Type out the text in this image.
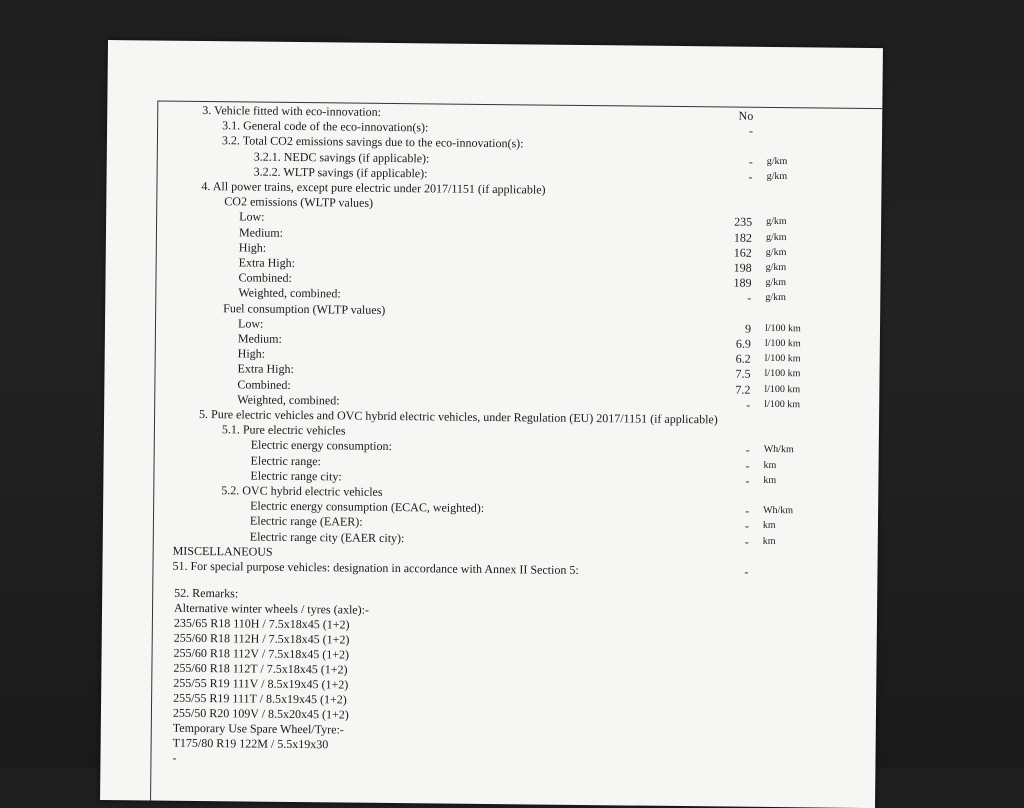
3. Vehicle fitted with eco-innovation:	No
3.1. General code of the eco-innovation(s):	-
3.2. Total CO2 emissions savings due to the eco-innovation(s):
3.2.1. NEDC savings (if applicable):	- g/km
3.2.2. WLTP savings (if applicable):	- g/km
4. All power trains, except pure electric under 2017/1151 (if applicable)
CO2 emissions (WLTP values)
Low:	235 g/km
Medium:	182 g/km
High:	162 g/km
Extra High:	198 g/km
Combined:	189 g/km
Weighted, combined:	- g/km
Fuel consumption (WLTP values)
Low:	9 l/100 km
Medium:	6.9 l/100 km
High:	6.2 l/100 km
Extra High:	7.5 l/100 km
Combined:	7.2 l/100 km
Weighted, combined:	- l/100 km
5. Pure electric vehicles and OVC hybrid electric vehicles, under Regulation (EU) 2017/1151 (if applicable)
5.1. Pure electric vehicles
Electric energy consumption:	- Wh/km
Electric range:	- km
Electric range city:	- km
5.2. OVC hybrid electric vehicles
Electric energy consumption (ECAC, weighted):	- Wh/km
Electric range (EAER):	- km
Electric range city (EAER city):	- km
MISCELLANEOUS
51. For special purpose vehicles: designation in accordance with Annex II Section 5:	-
52. Remarks:
Alternative winter wheels / tyres (axle):-
235/65 R18 110H / 7.5x18x45 (1+2)
255/60 R18 112H / 7.5x18x45 (1+2)
255/60 R18 112V / 7.5x18x45 (1+2)
255/60 R18 112T / 7.5x18x45 (1+2)
255/55 R19 111V / 8.5x19x45 (1+2)
255/55 R19 111T / 8.5x19x45 (1+2)
255/50 R20 109V / 8.5x20x45 (1+2)
Temporary Use Spare Wheel/Tyre:-
T175/80 R19 122M / 5.5x19x30
-
​
